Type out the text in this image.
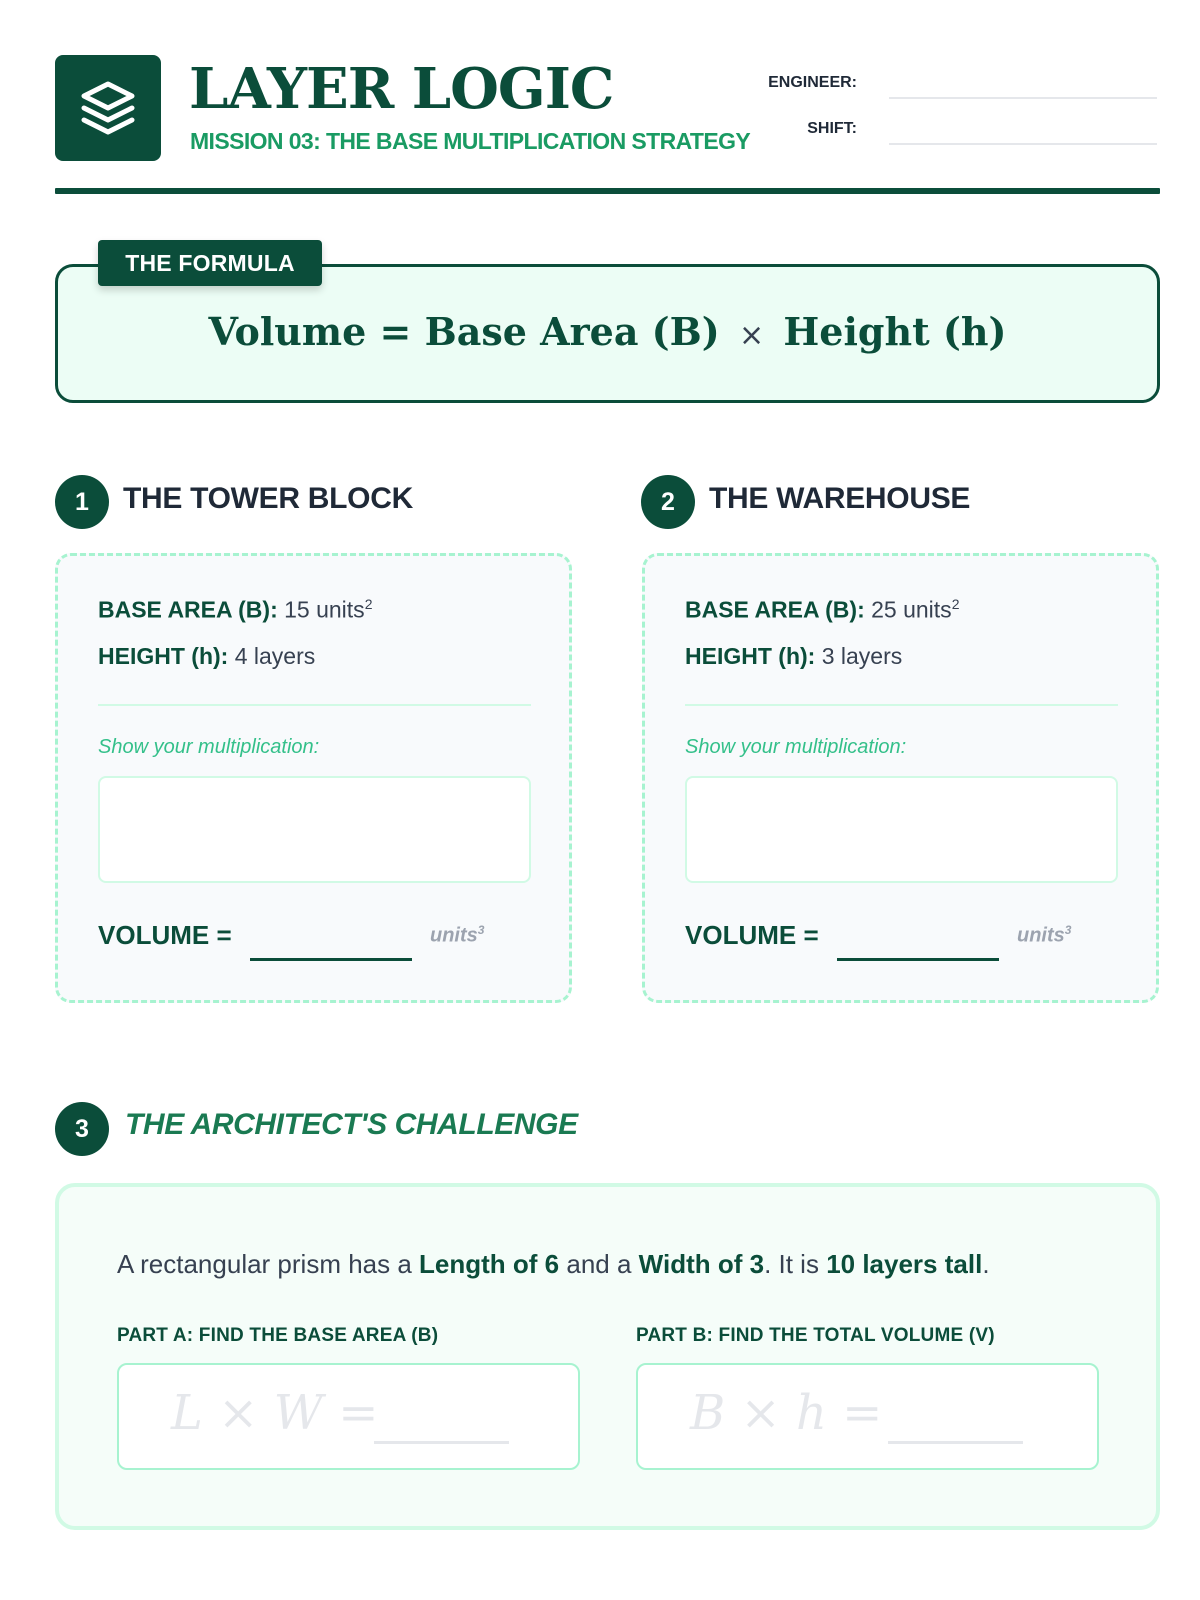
LAYER LOGIC
MISSION 03: THE BASE MULTIPLICATION STRATEGY
ENGINEER:
SHIFT:
Volume = Base Area (B) × Height (h)
THE FORMULA
1	THE TOWER BLOCK
BASE AREA (B): 15 units$^2$
HEIGHT (h): 4 layers
Show your multiplication:
VOLUME =	units$^3$
2	THE WAREHOUSE
BASE AREA (B): 25 units$^2$
HEIGHT (h): 3 layers
Show your multiplication:
VOLUME =	units$^3$
3	THE ARCHITECT'S CHALLENGE
A rectangular prism has a Length of 6 and a Width of 3. It is 10 layers tall.
PART A: FIND THE BASE AREA (B)
L × W =
PART B: FIND THE TOTAL VOLUME (V)
B × h =
